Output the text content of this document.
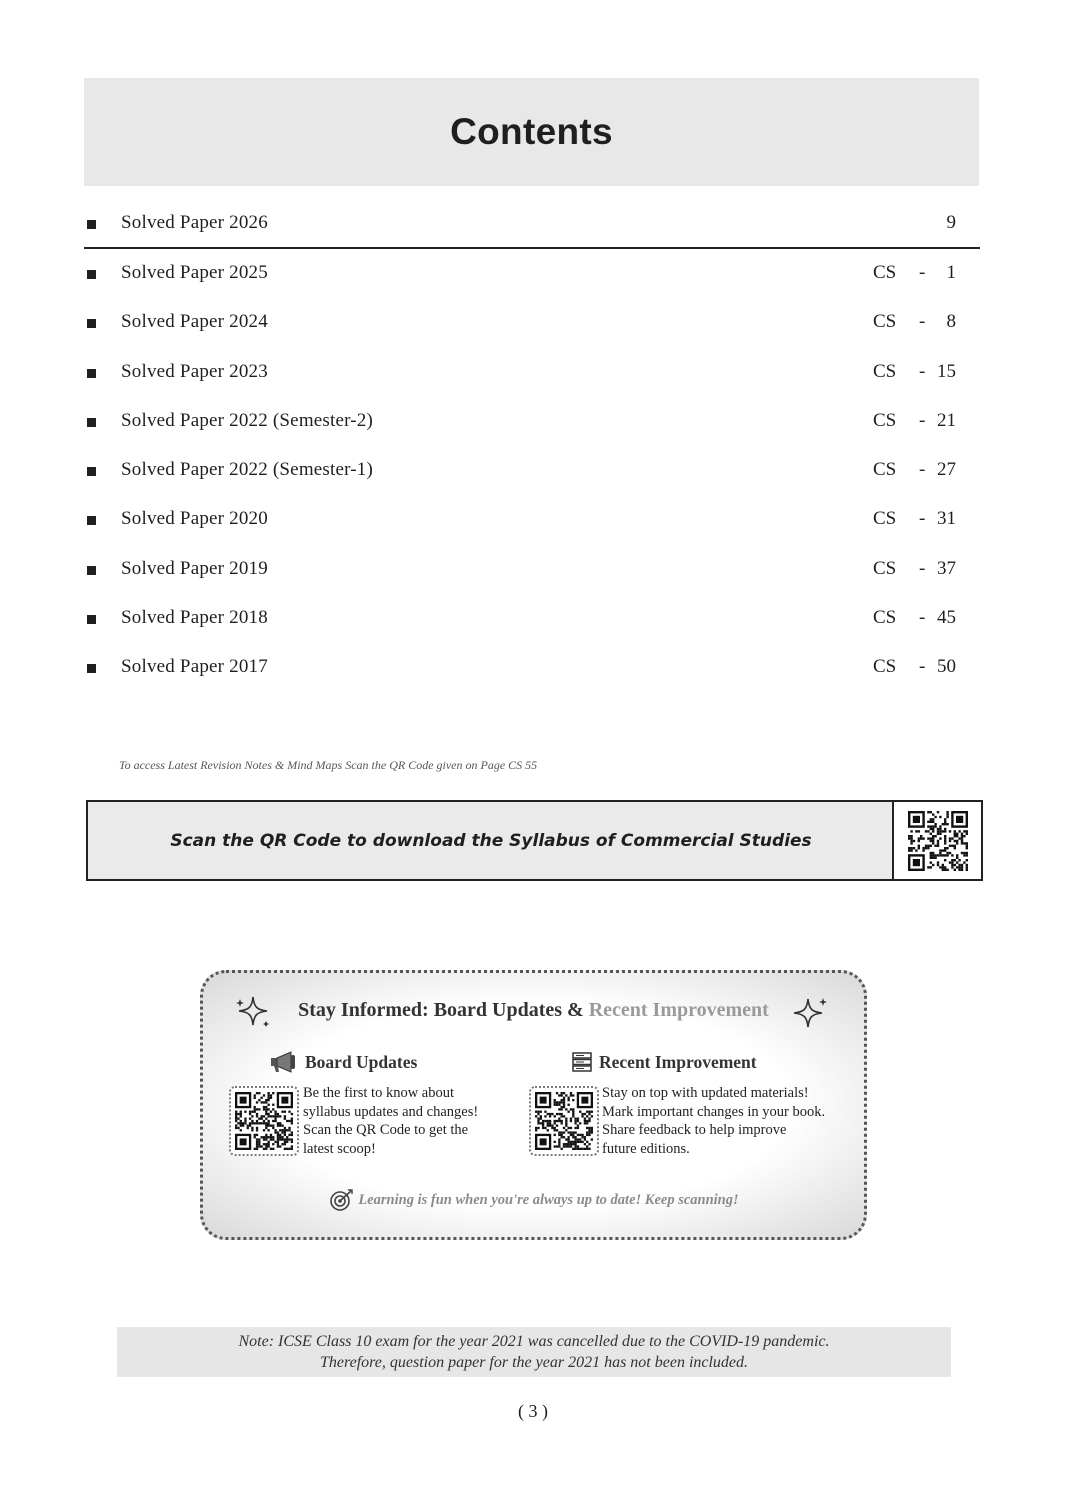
Contents
Solved Paper 2026	9
Solved Paper 2025	CS - 1
Solved Paper 2024	CS - 8
Solved Paper 2023	CS - 15
Solved Paper 2022 (Semester-2)	CS - 21
Solved Paper 2022 (Semester-1)	CS - 27
Solved Paper 2020	CS - 31
Solved Paper 2019	CS - 37
Solved Paper 2018	CS - 45
Solved Paper 2017	CS - 50
To access Latest Revision Notes & Mind Maps Scan the QR Code given on Page CS 55
Scan the QR Code to download the Syllabus of Commercial Studies
Stay Informed: Board Updates & Recent Improvement
Board Updates	Recent Improvement
Be the first to know about
syllabus updates and changes!
Scan the QR Code to get the
latest scoop!
Stay on top with updated materials!
Mark important changes in your book.
Share feedback to help improve
future editions.
Learning is fun when you're always up to date! Keep scanning!
Note: ICSE Class 10 exam for the year 2021 was cancelled due to the COVID-19 pandemic.
Therefore, question paper for the year 2021 has not been included.
( 3 )
